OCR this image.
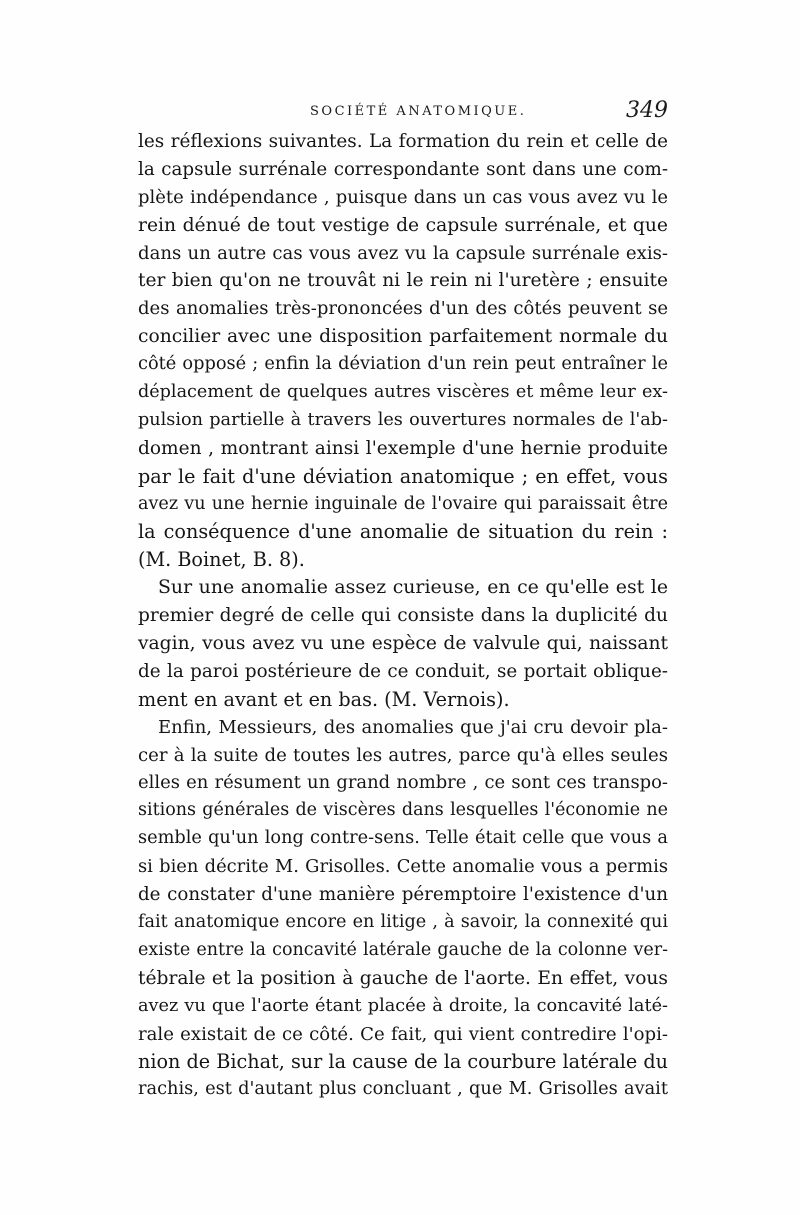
SOCIÉTÉ ANATOMIQUE.	349
les réflexions suivantes. La formation du rein et celle de
la capsule surrénale correspondante sont dans une com-
plète indépendance , puisque dans un cas vous avez vu le
rein dénué de tout vestige de capsule surrénale, et que
dans un autre cas vous avez vu la capsule surrénale exis-
ter bien qu'on ne trouvât ni le rein ni l'uretère ; ensuite
des anomalies très-prononcées d'un des côtés peuvent se
concilier avec une disposition parfaitement normale du
côté opposé ; enfin la déviation d'un rein peut entraîner le
déplacement de quelques autres viscères et même leur ex-
pulsion partielle à travers les ouvertures normales de l'ab-
domen , montrant ainsi l'exemple d'une hernie produite
par le fait d'une déviation anatomique ; en effet, vous
avez vu une hernie inguinale de l'ovaire qui paraissait être
la conséquence d'une anomalie de situation du rein :
(M. Boinet, B. 8).
Sur une anomalie assez curieuse, en ce qu'elle est le
premier degré de celle qui consiste dans la duplicité du
vagin, vous avez vu une espèce de valvule qui, naissant
de la paroi postérieure de ce conduit, se portait oblique-
ment en avant et en bas. (M. Vernois).
Enfin, Messieurs, des anomalies que j'ai cru devoir pla-
cer à la suite de toutes les autres, parce qu'à elles seules
elles en résument un grand nombre , ce sont ces transpo-
sitions générales de viscères dans lesquelles l'économie ne
semble qu'un long contre-sens. Telle était celle que vous a
si bien décrite M. Grisolles. Cette anomalie vous a permis
de constater d'une manière péremptoire l'existence d'un
fait anatomique encore en litige , à savoir, la connexité qui
existe entre la concavité latérale gauche de la colonne ver-
tébrale et la position à gauche de l'aorte. En effet, vous
avez vu que l'aorte étant placée à droite, la concavité laté-
rale existait de ce côté. Ce fait, qui vient contredire l'opi-
nion de Bichat, sur la cause de la courbure latérale du
rachis, est d'autant plus concluant , que M. Grisolles avait
